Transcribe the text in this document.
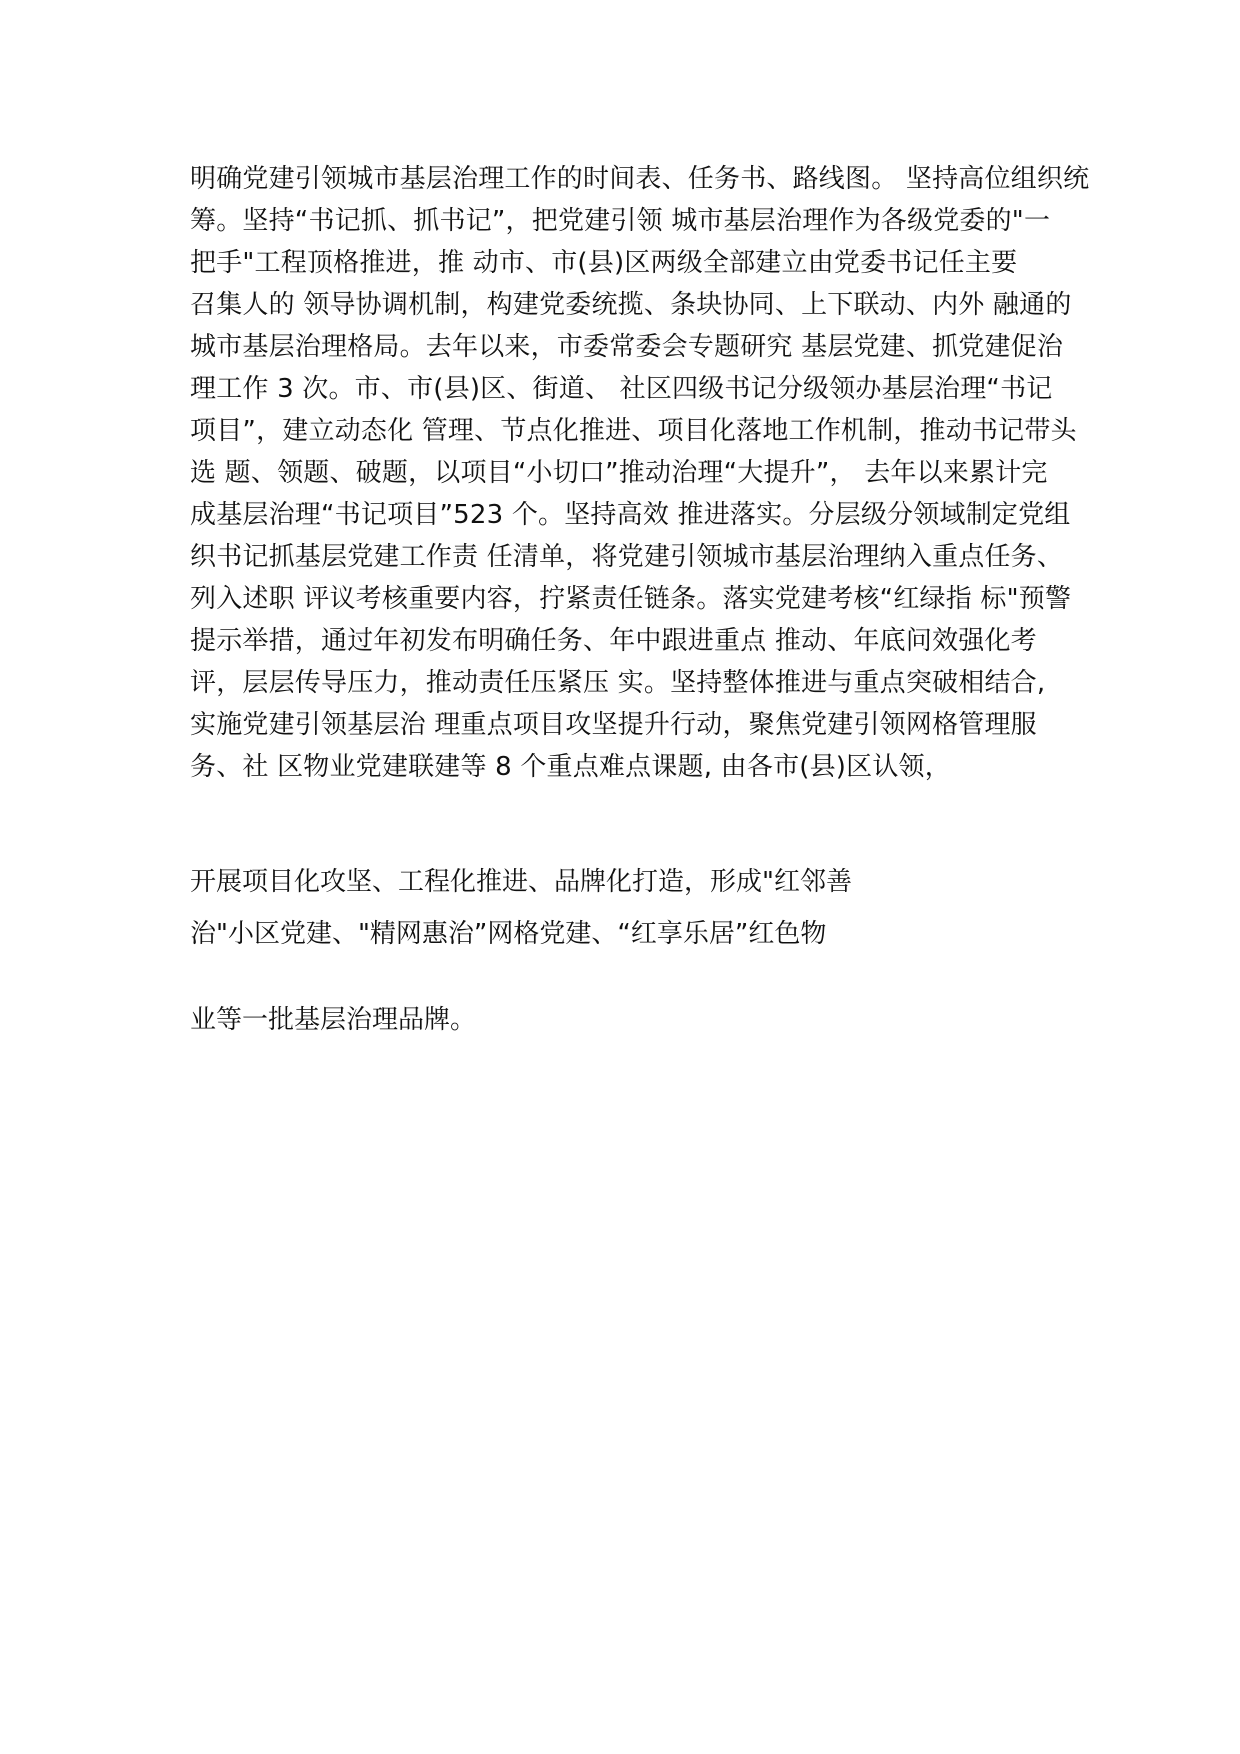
明确党建引领城市基层治理工作的时间表、任务书、路线图。 坚持高位组织统
筹。坚持“书记抓、抓书记”，把党建引领 城市基层治理作为各级党委的"一
把手"工程顶格推进，推 动市、市(县)区两级全部建立由党委书记任主要
召集人的 领导协调机制，构建党委统揽、条块协同、上下联动、内外 融通的
城市基层治理格局。去年以来，市委常委会专题研究 基层党建、抓党建促治
理工作 3 次。市、市(县)区、街道、 社区四级书记分级领办基层治理“书记
项目”，建立动态化 管理、节点化推进、项目化落地工作机制，推动书记带头
选 题、领题、破题，以项目“小切口”推动治理“大提升”， 去年以来累计完
成基层治理“书记项目”523 个。坚持高效 推进落实。分层级分领域制定党组
织书记抓基层党建工作责 任清单，将党建引领城市基层治理纳入重点任务、
列入述职 评议考核重要内容，拧紧责任链条。落实党建考核“红绿指 标"预警
提示举措，通过年初发布明确任务、年中跟进重点 推动、年底问效强化考
评，层层传导压力，推动责任压紧压 实。坚持整体推进与重点突破相结合,
实施党建引领基层治 理重点项目攻坚提升行动，聚焦党建引领网格管理服
务、社 区物业党建联建等 8 个重点难点课题, 由各市(县)区认领，
开展项目化攻坚、工程化推进、品牌化打造，形成"红邻善
治"小区党建、"精网惠治”网格党建、“红享乐居”红色物
业等一批基层治理品牌。
